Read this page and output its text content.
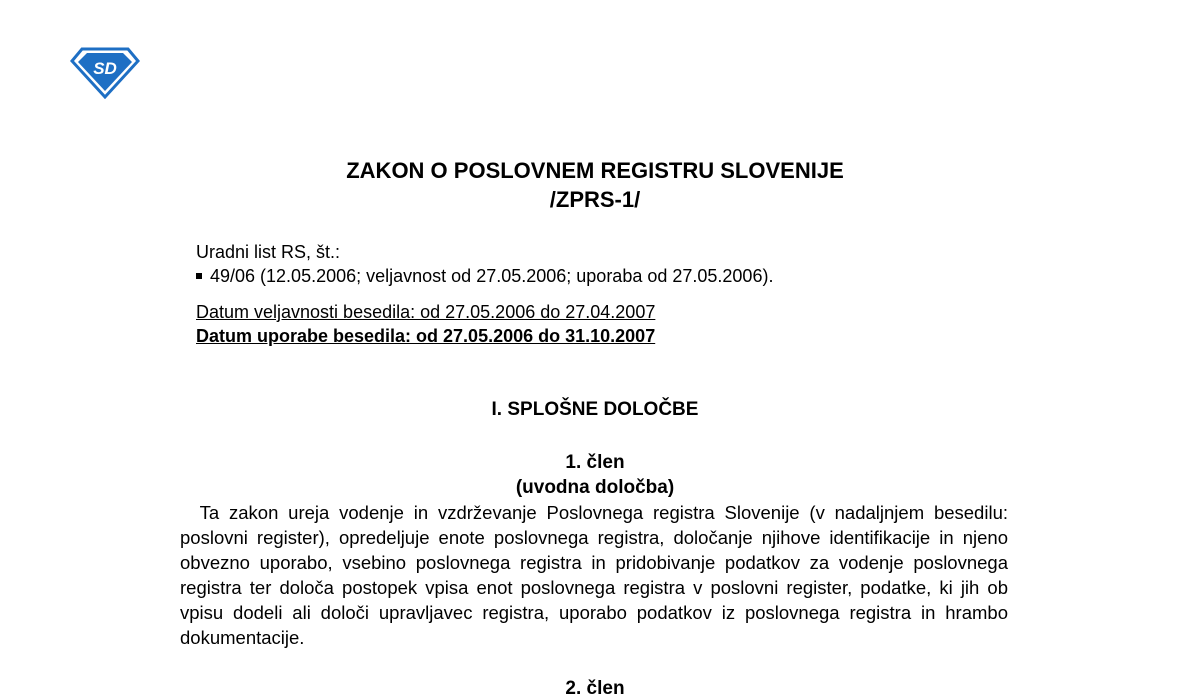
SD
ZAKON O POSLOVNEM REGISTRU SLOVENIJE
/ZPRS-1/
Uradni list RS, št.:
49/06 (12.05.2006; veljavnost od 27.05.2006; uporaba od 27.05.2006).
Datum veljavnosti besedila: od 27.05.2006 do 27.04.2007
Datum uporabe besedila: od 27.05.2006 do 31.10.2007
I. SPLOŠNE DOLOČBE
1. člen
(uvodna določba)

Ta zakon ureja vodenje in vzdrževanje Poslovnega registra Slovenije (v nadaljnjem besedilu: poslovni register), opredeljuje enote poslovnega registra, določanje njihove identifikacije in njeno obvezno uporabo, vsebino poslovnega registra in pridobivanje podatkov za vodenje poslovnega registra ter določa postopek vpisa enot poslovnega registra v poslovni register, podatke, ki jih ob vpisu dodeli ali določi upravljavec registra, uporabo podatkov iz poslovnega registra in hrambo dokumentacije.

2. člen
